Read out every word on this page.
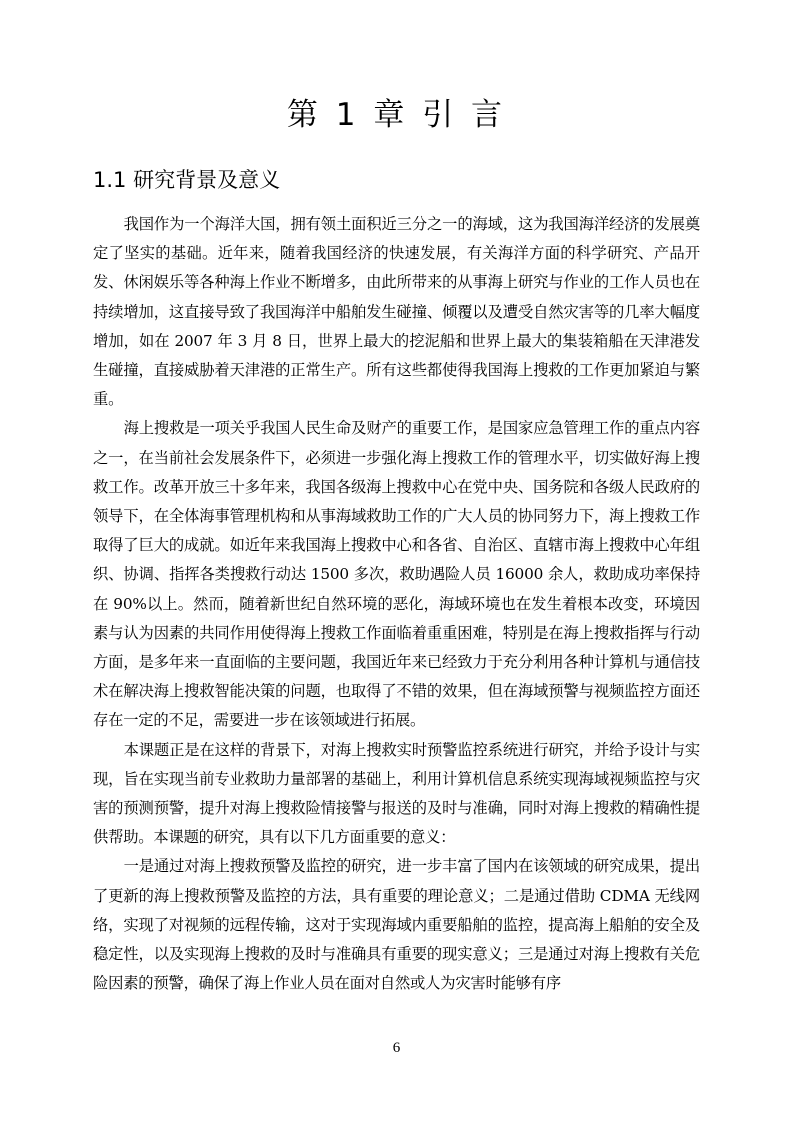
第 1 章 引 言
1.1 研究背景及意义

我国作为一个海洋大国，拥有领土面积近三分之一的海域，这为我国海洋经济的发展奠定了坚实的基础。近年来，随着我国经济的快速发展，有关海洋方面的科学研究、产品开发、休闲娱乐等各种海上作业不断增多，由此所带来的从事海上研究与作业的工作人员也在持续增加，这直接导致了我国海洋中船舶发生碰撞、倾覆以及遭受自然灾害等的几率大幅度增加，如在 2007 年 3 月 8 日，世界上最大的挖泥船和世界上最大的集装箱船在天津港发生碰撞，直接威胁着天津港的正常生产。所有这些都使得我国海上搜救的工作更加紧迫与繁重。

海上搜救是一项关乎我国人民生命及财产的重要工作，是国家应急管理工作的重点内容之一，在当前社会发展条件下，必须进一步强化海上搜救工作的管理水平，切实做好海上搜救工作。改革开放三十多年来，我国各级海上搜救中心在党中央、国务院和各级人民政府的领导下，在全体海事管理机构和从事海域救助工作的广大人员的协同努力下，海上搜救工作取得了巨大的成就。如近年来我国海上搜救中心和各省、自治区、直辖市海上搜救中心年组织、协调、指挥各类搜救行动达 1500 多次，救助遇险人员 16000 余人，救助成功率保持在 90%以上。然而，随着新世纪自然环境的恶化，海域环境也在发生着根本改变，环境因素与认为因素的共同作用使得海上搜救工作面临着重重困难，特别是在海上搜救指挥与行动方面，是多年来一直面临的主要问题，我国近年来已经致力于充分利用各种计算机与通信技术在解决海上搜救智能决策的问题，也取得了不错的效果，但在海域预警与视频监控方面还存在一定的不足，需要进一步在该领域进行拓展。

本课题正是在这样的背景下，对海上搜救实时预警监控系统进行研究，并给予设计与实现，旨在实现当前专业救助力量部署的基础上，利用计算机信息系统实现海域视频监控与灾害的预测预警，提升对海上搜救险情接警与报送的及时与准确，同时对海上搜救的精确性提供帮助。本课题的研究，具有以下几方面重要的意义：

一是通过对海上搜救预警及监控的研究，进一步丰富了国内在该领域的研究成果，提出了更新的海上搜救预警及监控的方法，具有重要的理论意义；二是通过借助 CDMA 无线网络，实现了对视频的远程传输，这对于实现海域内重要船舶的监控，提高海上船舶的安全及稳定性，以及实现海上搜救的及时与准确具有重要的现实意义；三是通过对海上搜救有关危险因素的预警，确保了海上作业人员在面对自然或人为灾害时能够有序

6
